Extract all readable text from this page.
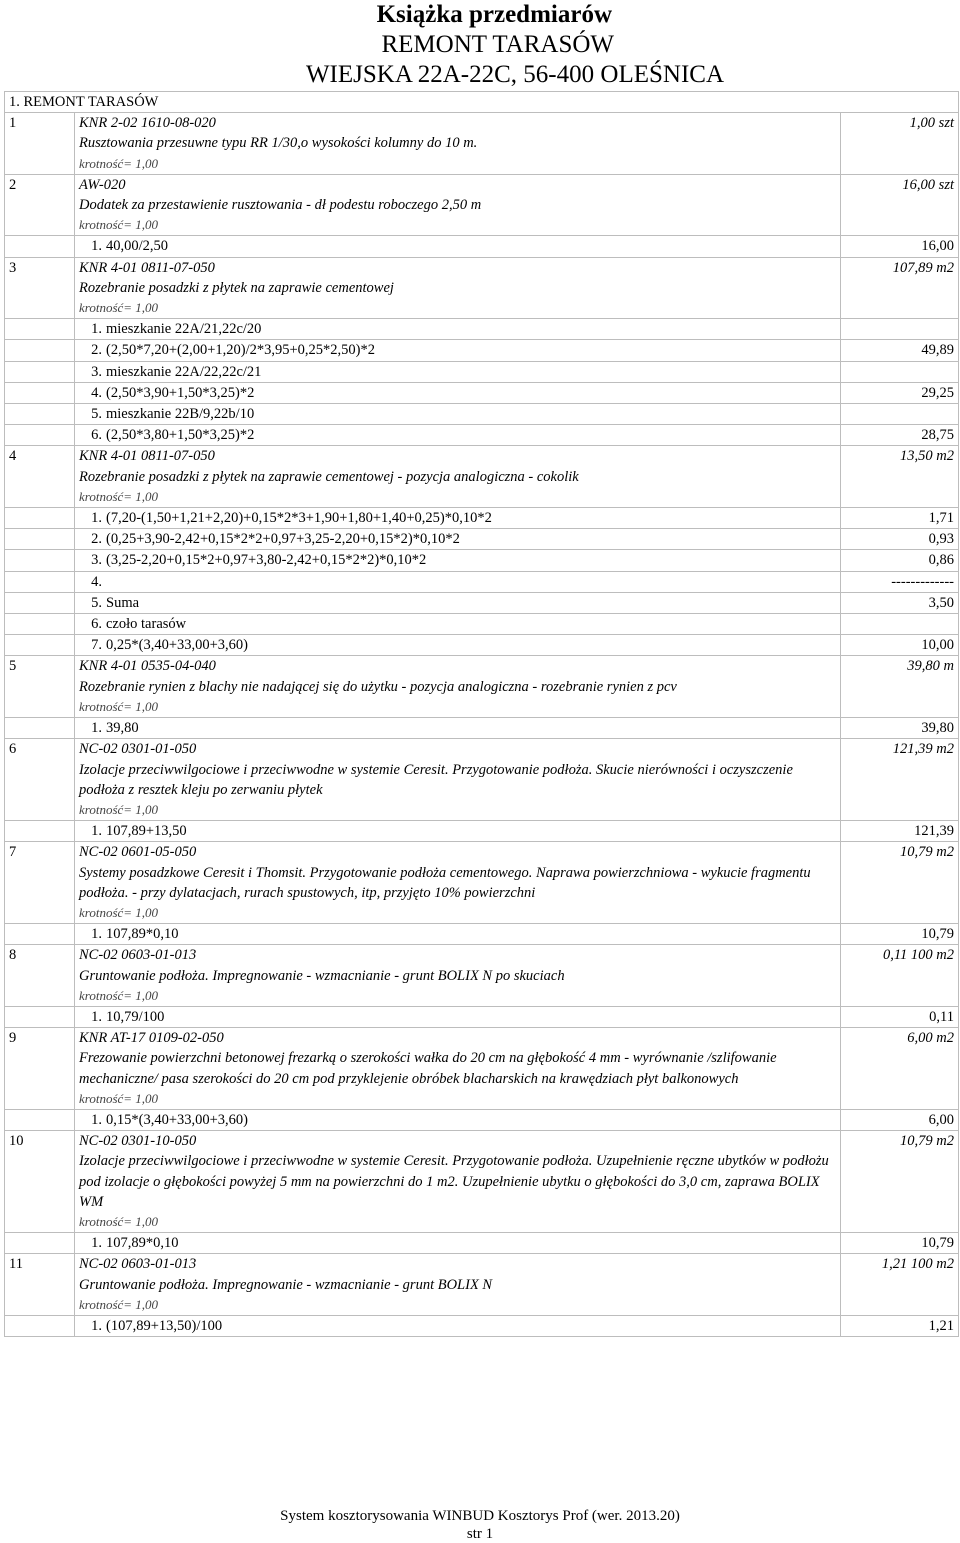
Książka przedmiarów
REMONT TARASÓW
WIEJSKA 22A-22C, 56-400 OLEŚNICA
1. REMONT TARASÓW		
1	KNR 2-02 1610-08-020
Rusztowania przesuwne typu RR 1/30,o wysokości kolumny do 10 m.
krotność= 1,00	1,00 szt
2	AW-020
Dodatek za przestawienie rusztowania - dł podestu roboczego 2,50 m
krotność= 1,00	16,00 szt

	1. 40,00/2,50	16,00
3	KNR 4-01 0811-07-050
Rozebranie posadzki z płytek na zaprawie cementowej
krotność= 1,00	107,89 m2

	1. mieszkanie 22A/21,22c/20	

	2. (2,50*7,20+(2,00+1,20)/2*3,95+0,25*2,50)*2	49,89

	3. mieszkanie 22A/22,22c/21	

	4. (2,50*3,90+1,50*3,25)*2	29,25

	5. mieszkanie 22B/9,22b/10	

	6. (2,50*3,80+1,50*3,25)*2	28,75
4	KNR 4-01 0811-07-050
Rozebranie posadzki z płytek na zaprawie cementowej - pozycja analogiczna - cokolik
krotność= 1,00	13,50 m2

	1. (7,20-(1,50+1,21+2,20)+0,15*2*3+1,90+1,80+1,40+0,25)*0,10*2	1,71

	2. (0,25+3,90-2,42+0,15*2*2+0,97+3,25-2,20+0,15*2)*0,10*2	0,93

	3. (3,25-2,20+0,15*2+0,97+3,80-2,42+0,15*2*2)*0,10*2	0,86

	4.	-------------

	5. Suma	3,50

	6. czoło tarasów	

	7. 0,25*(3,40+33,00+3,60)	10,00
5	KNR 4-01 0535-04-040
Rozebranie rynien z blachy nie nadającej się do użytku - pozycja analogiczna - rozebranie rynien z pcv
krotność= 1,00	39,80 m

	1. 39,80	39,80
6	NC-02 0301-01-050
Izolacje przeciwwilgociowe i przeciwwodne w systemie Ceresit. Przygotowanie podłoża. Skucie nierówności i oczyszczenie podłoża z resztek kleju po zerwaniu płytek
krotność= 1,00	121,39 m2

	1. 107,89+13,50	121,39
7	NC-02 0601-05-050
Systemy posadzkowe Ceresit i Thomsit. Przygotowanie podłoża cementowego. Naprawa powierzchniowa - wykucie fragmentu podłoża. - przy dylatacjach, rurach spustowych, itp, przyjęto 10% powierzchni
krotność= 1,00	10,79 m2

	1. 107,89*0,10	10,79
8	NC-02 0603-01-013
Gruntowanie podłoża. Impregnowanie - wzmacnianie - grunt BOLIX N po skuciach
krotność= 1,00	0,11 100 m2

	1. 10,79/100	0,11
9	KNR AT-17 0109-02-050
Frezowanie powierzchni betonowej frezarką o szerokości wałka do 20 cm na głębokość 4 mm - wyrównanie /szlifowanie mechaniczne/ pasa szerokości do 20 cm pod przyklejenie obróbek blacharskich na krawędziach płyt balkonowych
krotność= 1,00	6,00 m2

	1. 0,15*(3,40+33,00+3,60)	6,00
10	NC-02 0301-10-050
Izolacje przeciwwilgociowe i przeciwwodne w systemie Ceresit. Przygotowanie podłoża. Uzupełnienie ręczne ubytków w podłożu pod izolacje o głębokości powyżej 5 mm na powierzchni do 1 m2. Uzupełnienie ubytku o głębokości do 3,0 cm, zaprawa BOLIX WM
krotność= 1,00	10,79 m2

	1. 107,89*0,10	10,79
11	NC-02 0603-01-013
Gruntowanie podłoża. Impregnowanie - wzmacnianie - grunt BOLIX N
krotność= 1,00	1,21 100 m2

	1. (107,89+13,50)/100	1,21
System kosztorysowania WINBUD Kosztorys Prof (wer. 2013.20)
str 1
